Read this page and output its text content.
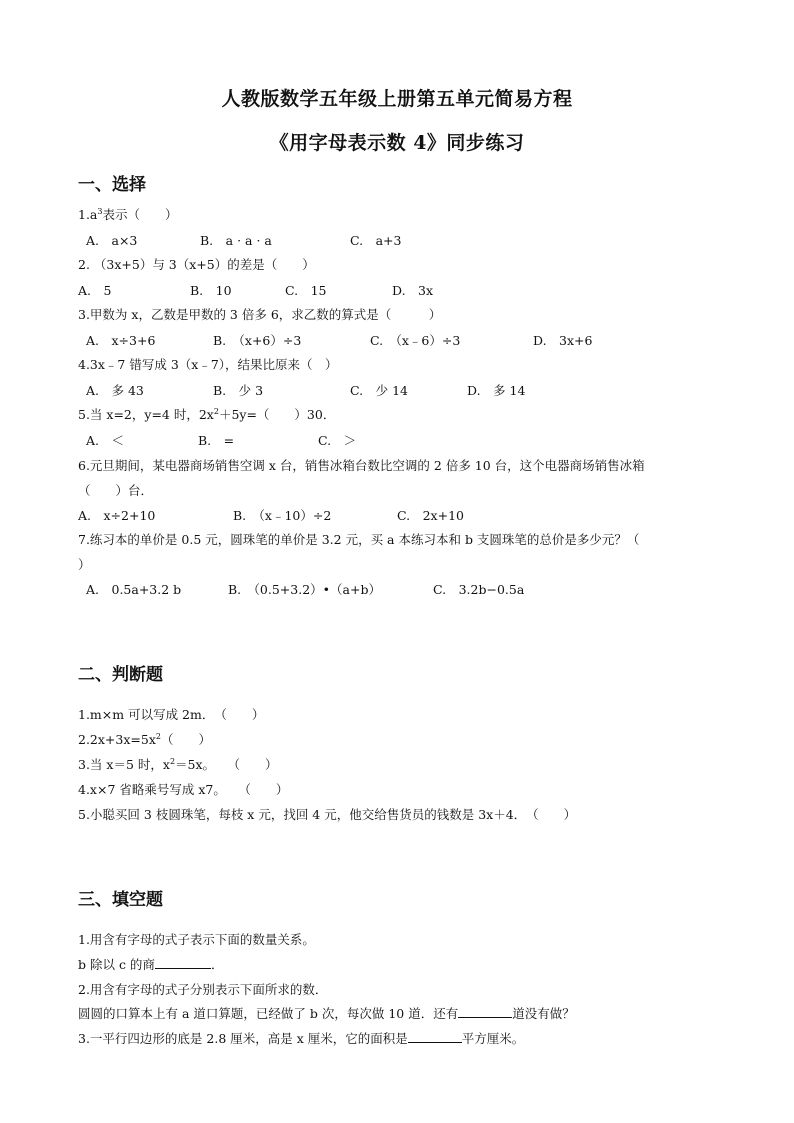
人教版数学五年级上册第五单元简易方程
《用字母表示数 4》同步练习
一、选择
$1.a^3$表示（　　）
A.　a×3	B.　a · a · a	C.　a+3
2. （3x+5）与 3（x+5）的差是（　　）
A.　5	B.　10	C.　15	D.　3x
3.甲数为 x，乙数是甲数的 3 倍多 6，求乙数的算式是（　　　）
A.　x÷3+6	B.　（x+6）÷3	C.　（x﹣6）÷3	D.　3x+6
4.3x﹣7 错写成 3（x﹣7），结果比原来（　）
A.　多 43	B.　少 3	C.　少 14	D.　多 14
5.当 x=2，y=4 时，$2x^2+5y=$（　　）30．
A.　＜	B.　=	C.　＞
6.元旦期间，某电器商场销售空调 x 台，销售冰箱台数比空调的 2 倍多 10 台，这个电器商场销售冰箱
（　　）台．
A.　x÷2+10	B.　（x﹣10）÷2	C.　2x+10
7.练习本的单价是 0.5 元，圆珠笔的单价是 3.2 元，买 a 本练习本和 b 支圆珠笔的总价是多少元？（
）
A.　0.5a+3.2 b	B.　（0.5+3.2）•（a+b）	C.　3.2b−0.5a
二、判断题
1.m×m 可以写成 2m．　（　　）
$2.2x+3x=5x^2$（　　）
3.当 x＝5 时，$x^2=5x$。　　（　　）
4.x×7 省略乘号写成 x7。　　（　　）
5.小聪买回 3 枝圆珠笔，每枝 x 元，找回 4 元，他交给售货员的钱数是 3x＋4．　（　　）
三、填空题
1.用含有字母的式子表示下面的数量关系。
b 除以 c 的商	．
2.用含有字母的式子分别表示下面所求的数．
圆圆的口算本上有 a 道口算题，已经做了 b 次，每次做 10 道．还有	道没有做？
3.一平行四边形的底是 2.8 厘米，高是 x 厘米，它的面积是	平方厘米。
